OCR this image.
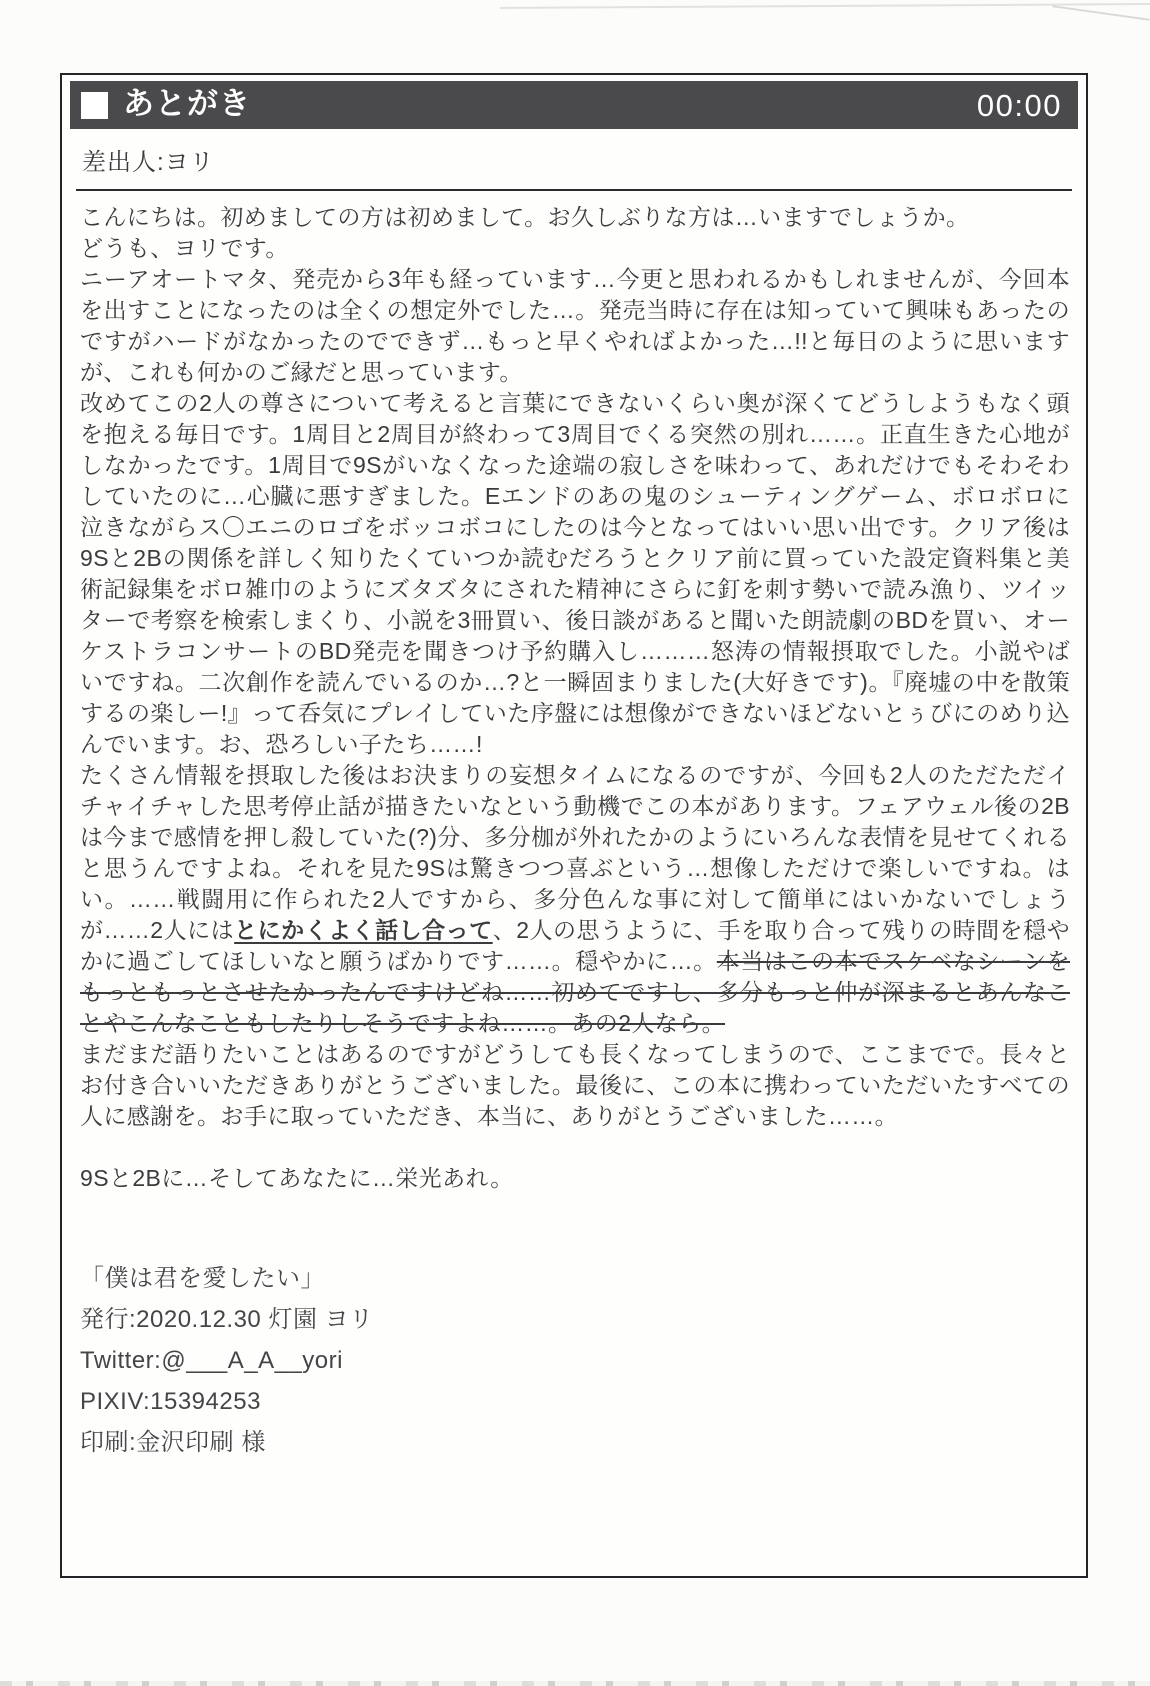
あとがき	00:00
差出人:ヨリ

こんにちは。初めましての方は初めまして。お久しぶりな方は…いますでしょうか。

どうも、ヨリです。

ニーアオートマタ、発売から3年も経っています…今更と思われるかもしれませんが、今回本を出すことになったのは全くの想定外でした…。発売当時に存在は知っていて興味もあったのですがハードがなかったのでできず…もっと早くやればよかった…!!と毎日のように思いますが、これも何かのご縁だと思っています。

改めてこの2人の尊さについて考えると言葉にできないくらい奥が深くてどうしようもなく頭を抱える毎日です。1周目と2周目が終わって3周目でくる突然の別れ……。正直生きた心地がしなかったです。1周目で9Sがいなくなった途端の寂しさを味わって、あれだけでもそわそわしていたのに…心臓に悪すぎました。Eエンドのあの鬼のシューティングゲーム、ボロボロに泣きながらス〇エニのロゴをボッコボコにしたのは今となってはいい思い出です。クリア後は9Sと2Bの関係を詳しく知りたくていつか読むだろうとクリア前に買っていた設定資料集と美術記録集をボロ雑巾のようにズタズタにされた精神にさらに釘を刺す勢いで読み漁り、ツイッターで考察を検索しまくり、小説を3冊買い、後日談があると聞いた朗読劇のBDを買い、オーケストラコンサートのBD発売を聞きつけ予約購入し………怒涛の情報摂取でした。小説やばいですね。二次創作を読んでいるのか…?と一瞬固まりました(大好きです)。『廃墟の中を散策するの楽しー!』って呑気にプレイしていた序盤には想像ができないほどないとぅびにのめり込んでいます。お、恐ろしい子たち……!

たくさん情報を摂取した後はお決まりの妄想タイムになるのですが、今回も2人のただただイチャイチャした思考停止話が描きたいなという動機でこの本があります。フェアウェル後の2Bは今まで感情を押し殺していた(?)分、多分枷が外れたかのようにいろんな表情を見せてくれると思うんですよね。それを見た9Sは驚きつつ喜ぶという…想像しただけで楽しいですね。はい。……戦闘用に作られた2人ですから、多分色んな事に対して簡単にはいかないでしょうが……2人にはとにかくよく話し合って、2人の思うように、手を取り合って残りの時間を穏やかに過ごしてほしいなと願うばかりです……。穏やかに…。本当はこの本でスケベなシーンをもっともっとさせたかったんですけどね……初めてですし、多分もっと仲が深まるとあんなことやこんなこともしたりしそうですよね……。あの2人なら。

まだまだ語りたいことはあるのですがどうしても長くなってしまうので、ここまでで。長々とお付き合いいただきありがとうございました。最後に、この本に携わっていただいたすべての人に感謝を。お手に取っていただき、本当に、ありがとうございました……。

9Sと2Bに…そしてあなたに…栄光あれ。
「僕は君を愛したい」
発行:2020.12.30 灯園 ヨリ
Twitter:@___A_A__yori
PIXIV:15394253
印刷:金沢印刷 様
